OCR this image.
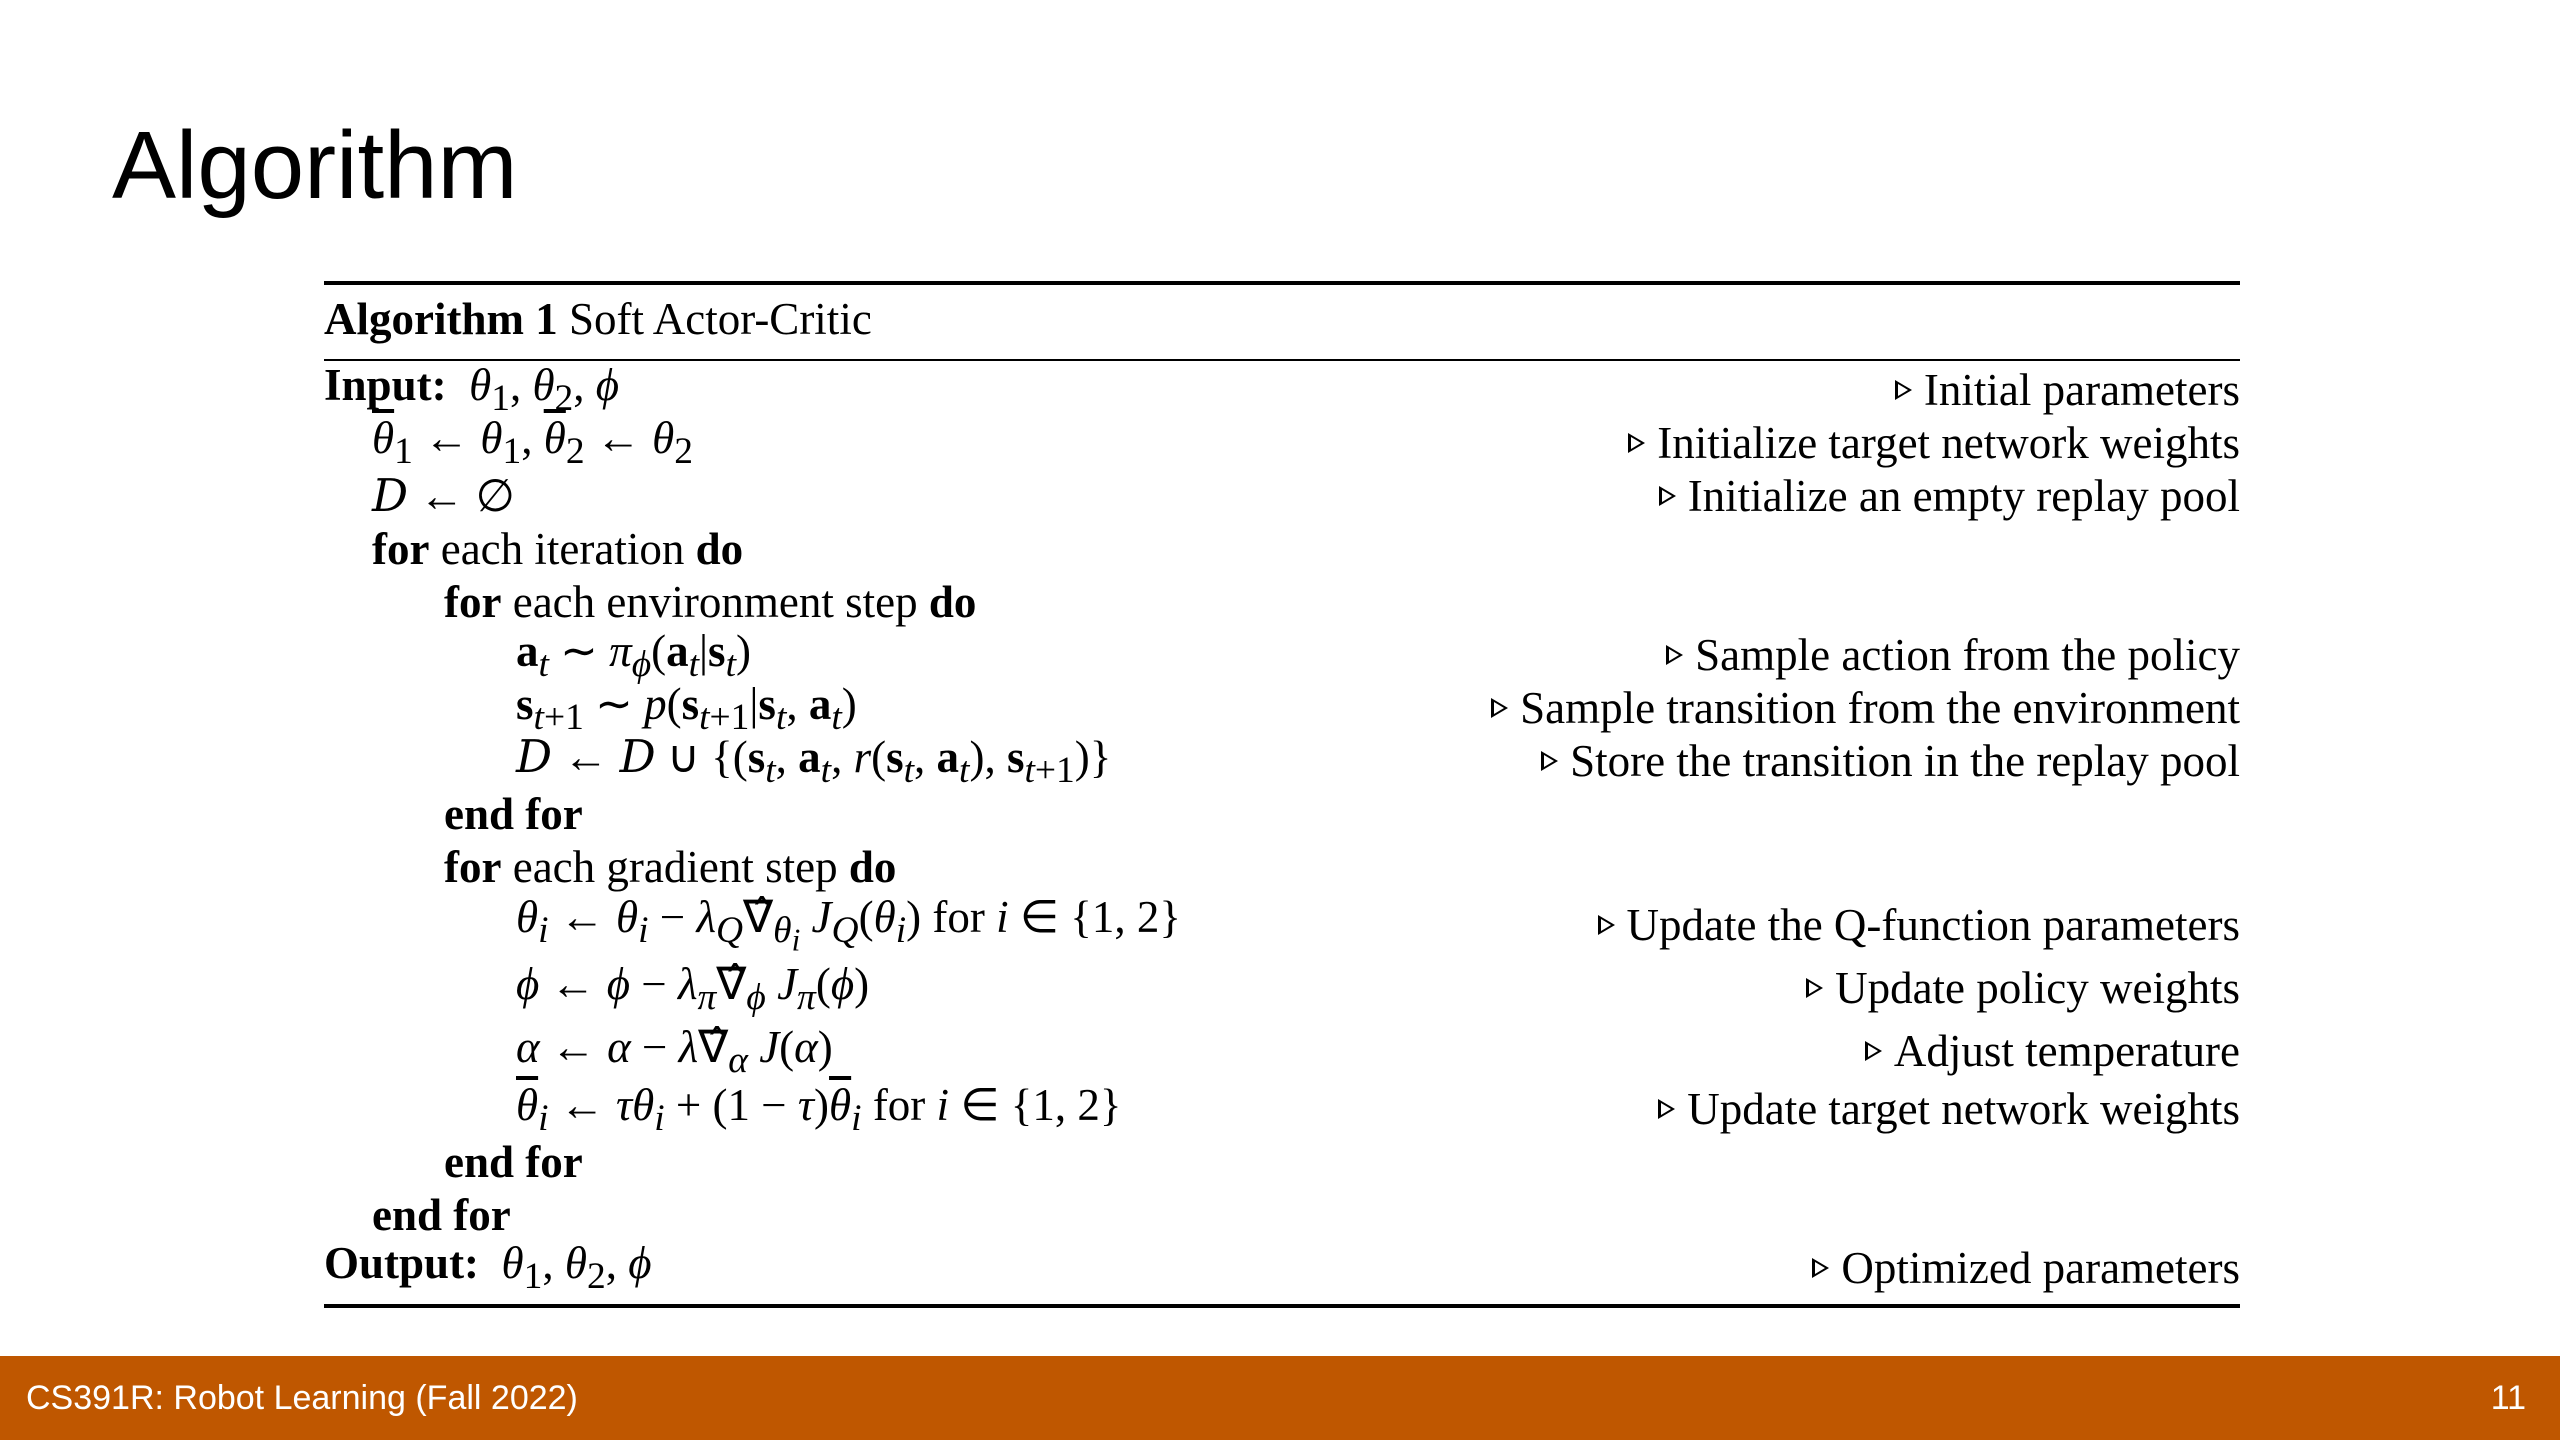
Algorithm
Algorithm 1 Soft Actor-Critic
Input: $\theta_1$, $\theta_2$, ϕ	Initial parameters
$\overline{\theta}_1$ ← $\theta_1$, $\overline{\theta}_2$ ← $\theta_2$	Initialize target network weights
D ← ∅	Initialize an empty replay pool
for each iteration do
for each environment step do
$a_t$ ∼ $\pi_\phi(a_t|s_t)$	Sample action from the policy
$s_{t+1}$ ∼ $p(s_{t+1}|s_t$, $a_t$)	Sample transition from the environment
D ← D ∪ {($s_t$, $a_t$, $r(s_t$, $a_t$), $s_{t+1}$)}	Store the transition in the replay pool
end for
for each gradient step do
$\theta_i$ ← $\theta_i$ − $\lambda_Q\nablâ_{\theta_i}$ $J_Q(\theta_i)$ for i ∈ {1, 2}	Update the Q-function parameters
ϕ ← $\phi - \lambda_\pi\nablâ_\phi$ $J_\pi(\phi)$	Update policy weights
α ← $\alpha - \lambda\nablâ_\alpha$ J(α)	Adjust temperature
$\overline{\theta}_i$ ← $\tau\theta_i + (1 - \tau)\overline{\theta}_i$ for i ∈ {1, 2}	Update target network weights
end for
end for
Output: $\theta_1$, $\theta_2$, ϕ	Optimized parameters
CS391R: Robot Learning (Fall 2022)	11
